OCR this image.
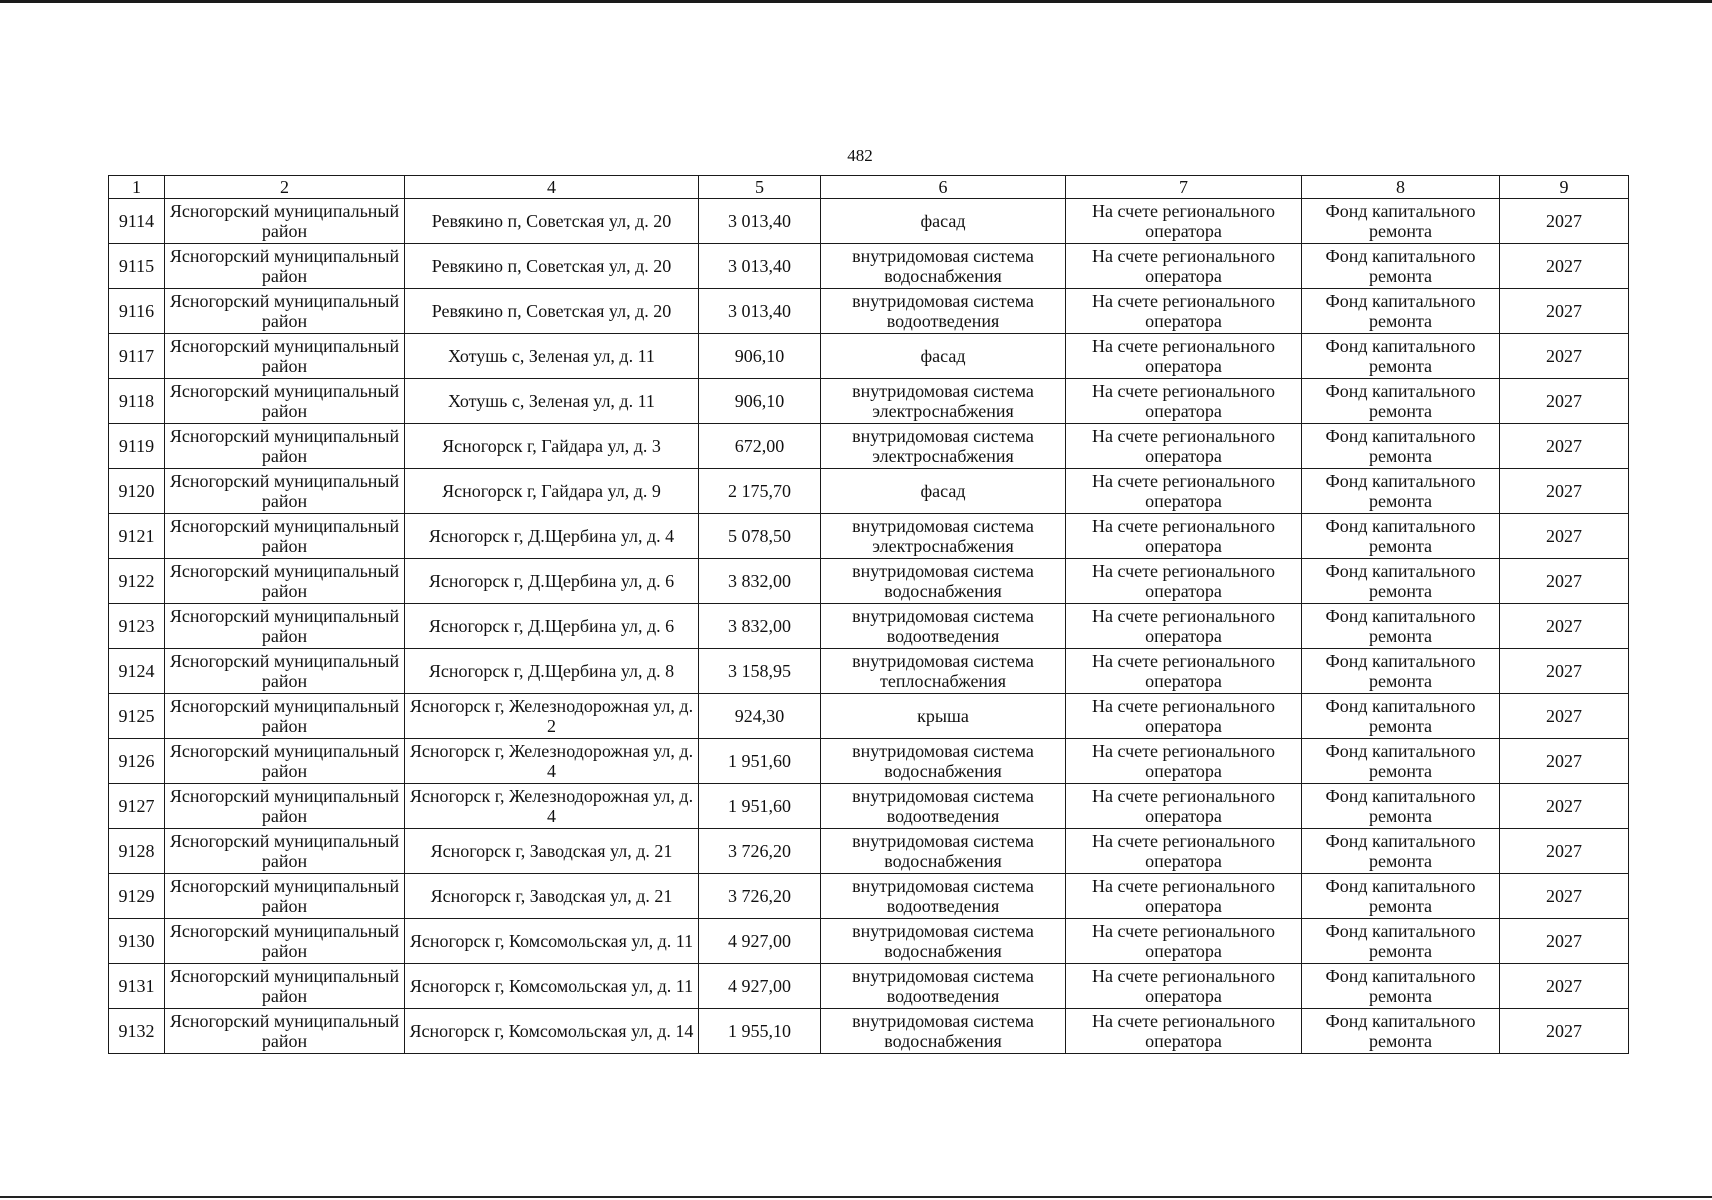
482
1	2	4	5	6	7	8	9
9114	Ясногорский муниципальный район	Ревякино п, Советская ул, д. 20	3 013,40	фасад	На счете регионального оператора	Фонд капитального ремонта	2027
9115	Ясногорский муниципальный район	Ревякино п, Советская ул, д. 20	3 013,40	внутридомовая система водоснабжения	На счете регионального оператора	Фонд капитального ремонта	2027
9116	Ясногорский муниципальный район	Ревякино п, Советская ул, д. 20	3 013,40	внутридомовая система водоотведения	На счете регионального оператора	Фонд капитального ремонта	2027
9117	Ясногорский муниципальный район	Хотушь с, Зеленая ул, д. 11	906,10	фасад	На счете регионального оператора	Фонд капитального ремонта	2027
9118	Ясногорский муниципальный район	Хотушь с, Зеленая ул, д. 11	906,10	внутридомовая система электроснабжения	На счете регионального оператора	Фонд капитального ремонта	2027
9119	Ясногорский муниципальный район	Ясногорск г, Гайдара ул, д. 3	672,00	внутридомовая система электроснабжения	На счете регионального оператора	Фонд капитального ремонта	2027
9120	Ясногорский муниципальный район	Ясногорск г, Гайдара ул, д. 9	2 175,70	фасад	На счете регионального оператора	Фонд капитального ремонта	2027
9121	Ясногорский муниципальный район	Ясногорск г, Д.Щербина ул, д. 4	5 078,50	внутридомовая система электроснабжения	На счете регионального оператора	Фонд капитального ремонта	2027
9122	Ясногорский муниципальный район	Ясногорск г, Д.Щербина ул, д. 6	3 832,00	внутридомовая система водоснабжения	На счете регионального оператора	Фонд капитального ремонта	2027
9123	Ясногорский муниципальный район	Ясногорск г, Д.Щербина ул, д. 6	3 832,00	внутридомовая система водоотведения	На счете регионального оператора	Фонд капитального ремонта	2027
9124	Ясногорский муниципальный район	Ясногорск г, Д.Щербина ул, д. 8	3 158,95	внутридомовая система теплоснабжения	На счете регионального оператора	Фонд капитального ремонта	2027
9125	Ясногорский муниципальный район	Ясногорск г, Железнодорожная ул, д. 2	924,30	крыша	На счете регионального оператора	Фонд капитального ремонта	2027
9126	Ясногорский муниципальный район	Ясногорск г, Железнодорожная ул, д. 4	1 951,60	внутридомовая система водоснабжения	На счете регионального оператора	Фонд капитального ремонта	2027
9127	Ясногорский муниципальный район	Ясногорск г, Железнодорожная ул, д. 4	1 951,60	внутридомовая система водоотведения	На счете регионального оператора	Фонд капитального ремонта	2027
9128	Ясногорский муниципальный район	Ясногорск г, Заводская ул, д. 21	3 726,20	внутридомовая система водоснабжения	На счете регионального оператора	Фонд капитального ремонта	2027
9129	Ясногорский муниципальный район	Ясногорск г, Заводская ул, д. 21	3 726,20	внутридомовая система водоотведения	На счете регионального оператора	Фонд капитального ремонта	2027
9130	Ясногорский муниципальный район	Ясногорск г, Комсомольская ул, д. 11	4 927,00	внутридомовая система водоснабжения	На счете регионального оператора	Фонд капитального ремонта	2027
9131	Ясногорский муниципальный район	Ясногорск г, Комсомольская ул, д. 11	4 927,00	внутридомовая система водоотведения	На счете регионального оператора	Фонд капитального ремонта	2027
9132	Ясногорский муниципальный район	Ясногорск г, Комсомольская ул, д. 14	1 955,10	внутридомовая система водоснабжения	На счете регионального оператора	Фонд капитального ремонта	2027
